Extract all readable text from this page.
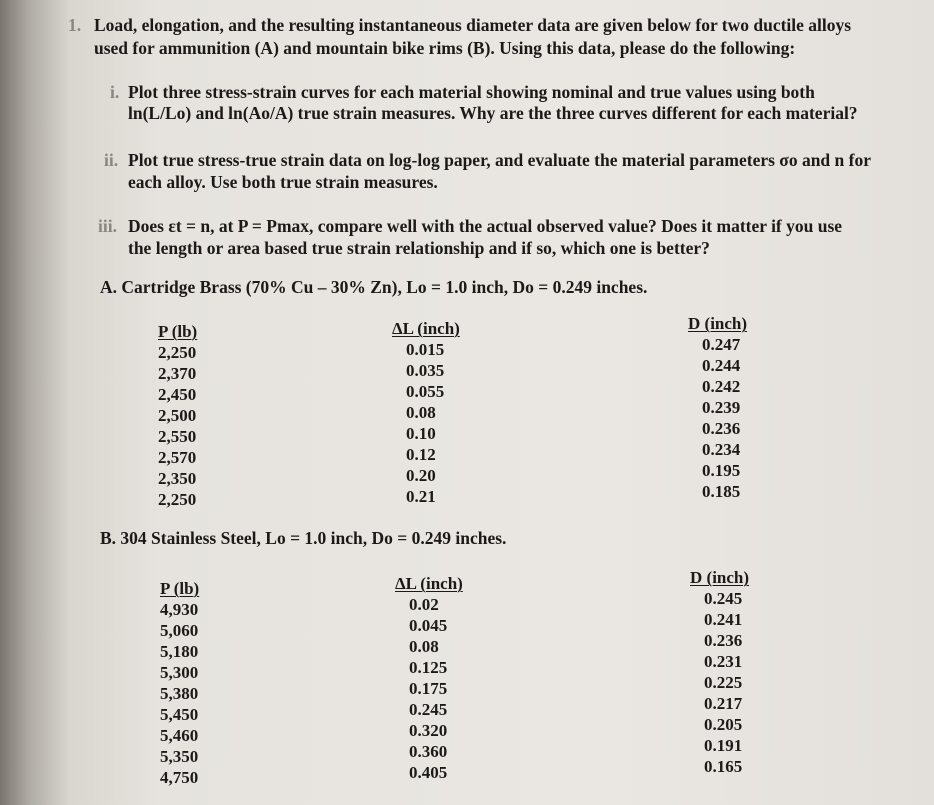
1. Load, elongation, and the resulting instantaneous diameter data are given below for two ductile alloys
used for ammunition (A) and mountain bike rims (B). Using this data, please do the following:
i. Plot three stress-strain curves for each material showing nominal and true values using both
ln(L/Lo) and ln(Ao/A) true strain measures. Why are the three curves different for each material?
ii. Plot true stress-true strain data on log-log paper, and evaluate the material parameters σo and n for
each alloy. Use both true strain measures.
iii. Does εt = n, at P = Pmax, compare well with the actual observed value? Does it matter if you use
the length or area based true strain relationship and if so, which one is better?
A. Cartridge Brass (70% Cu – 30% Zn), Lo = 1.0 inch, Do = 0.249 inches.
P (lb)
2,250
2,370
2,450
2,500
2,550
2,570
2,350
2,250
ΔL (inch)
0.015
0.035
0.055
0.08
0.10
0.12
0.20
0.21
D (inch)
0.247
0.244
0.242
0.239
0.236
0.234
0.195
0.185
B. 304 Stainless Steel, Lo = 1.0 inch, Do = 0.249 inches.
P (lb)
4,930
5,060
5,180
5,300
5,380
5,450
5,460
5,350
4,750
ΔL (inch)
0.02
0.045
0.08
0.125
0.175
0.245
0.320
0.360
0.405
D (inch)
0.245
0.241
0.236
0.231
0.225
0.217
0.205
0.191
0.165
